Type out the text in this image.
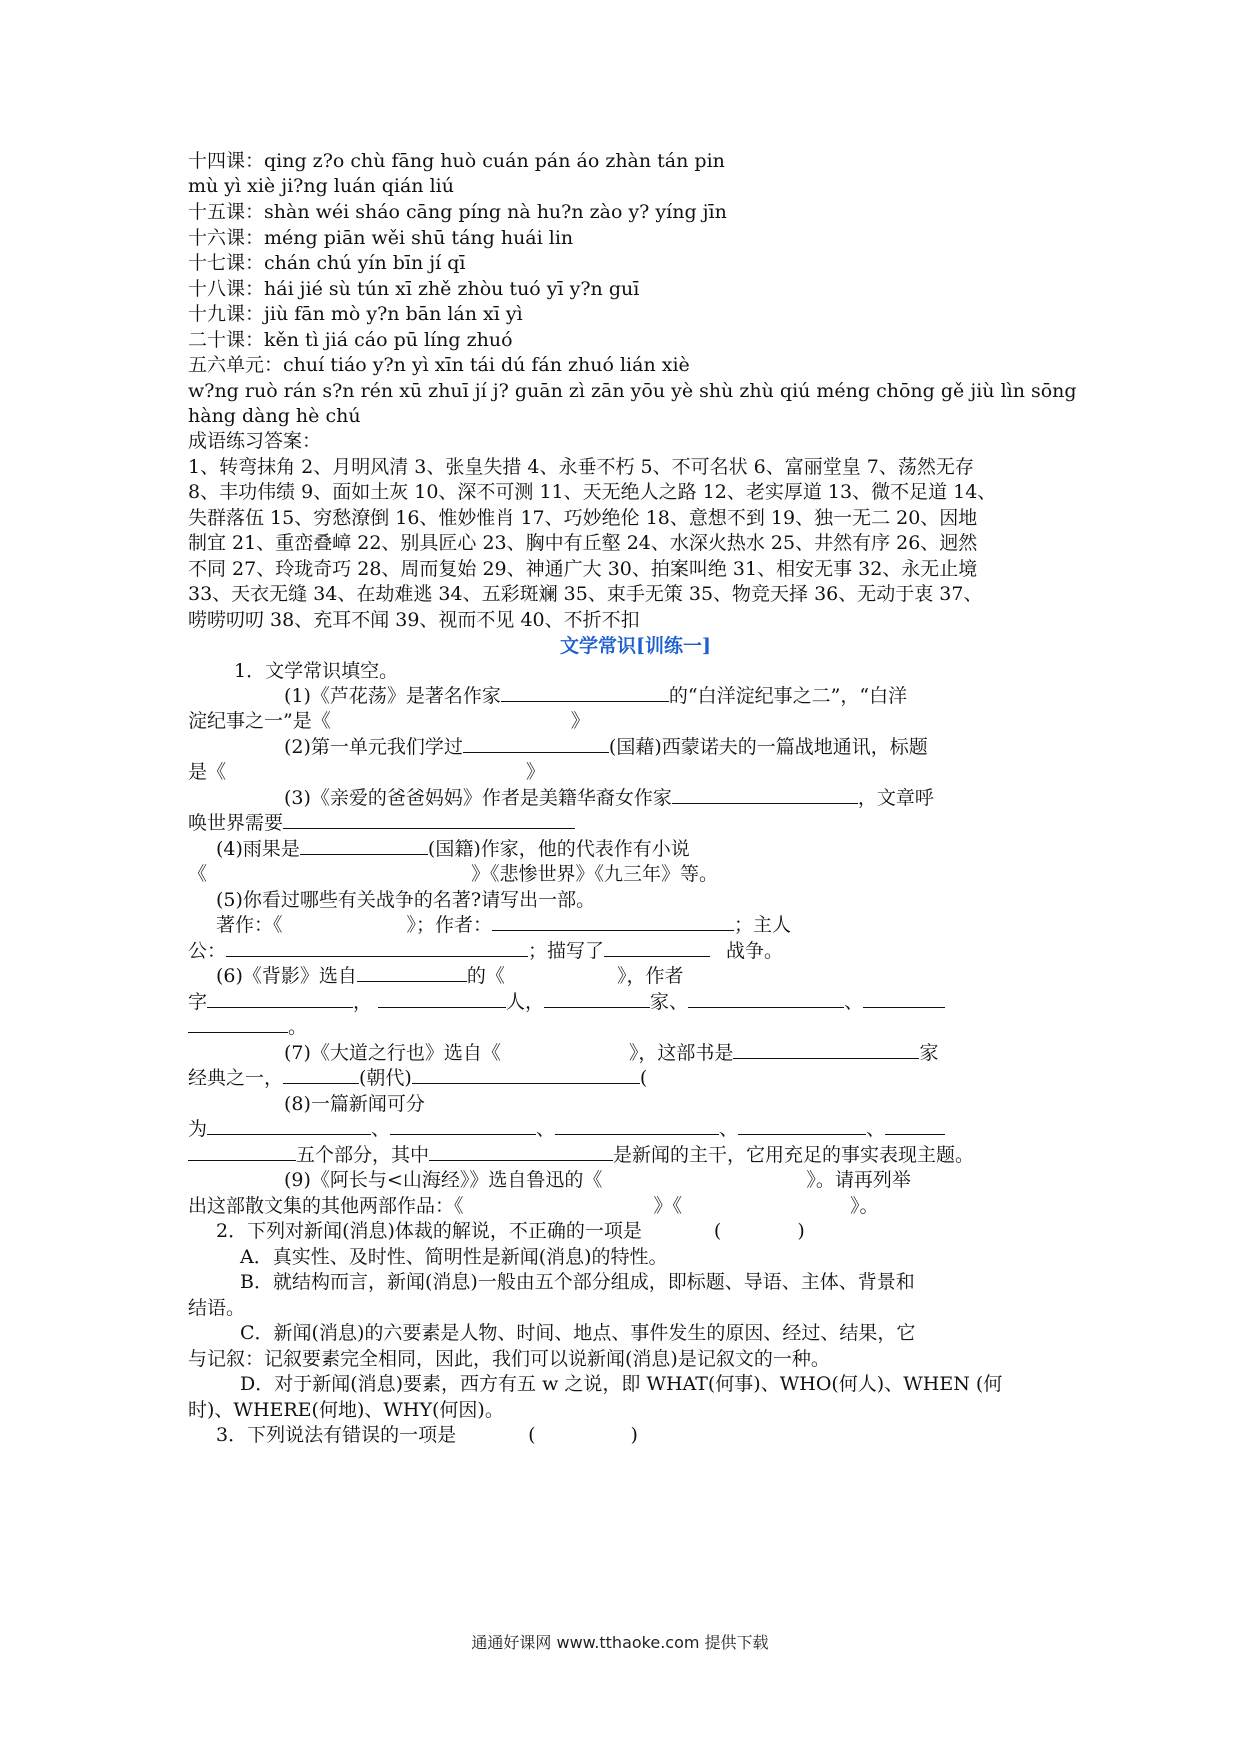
十四课：qing z?o chù fāng huò cuán pán áo zhàn tán pin
mù yì xiè ji?ng luán qián liú
十五课：shàn wéi sháo cāng píng nà hu?n zào y? yíng jīn
十六课：méng piān wěi shū táng huái lin
十七课：chán chú yín bīn jí qī
十八课：hái jié sù tún xī zhě zhòu tuó yī y?n guī
十九课：jiù fān mò y?n bān lán xī yì
二十课：kěn tì jiá cáo pū líng zhuó
五六单元：chuí tiáo y?n yì xīn tái dú fán zhuó lián xiè
w?ng ruò rán s?n rén xū zhuī jí j? guān zì zān yōu yè shù zhù qiú méng chōng gě jiù lìn sōng
hàng dàng hè chú
成语练习答案：
1、转弯抹角 2、月明风清 3、张皇失措 4、永垂不朽 5、不可名状 6、富丽堂皇 7、荡然无存
8、丰功伟绩 9、面如土灰 10、深不可测 11、天无绝人之路 12、老实厚道 13、微不足道 14、
失群落伍 15、穷愁潦倒 16、惟妙惟肖 17、巧妙绝伦 18、意想不到 19、独一无二 20、因地
制宜 21、重峦叠嶂 22、别具匠心 23、胸中有丘壑 24、水深火热水 25、井然有序 26、迥然
不同 27、玲珑奇巧 28、周而复始 29、神通广大 30、拍案叫绝 31、相安无事 32、永无止境
33、天衣无缝 34、在劫难逃 34、五彩斑斓 35、束手无策 35、物竞天择 36、无动于衷 37、
唠唠叨叨 38、充耳不闻 39、视而不见 40、不折不扣
文学常识[训练一]
1．文学常识填空。
(1)《芦花荡》是著名作家	的“白洋淀纪事之二”，“白洋
淀纪事之一”是《	》
(2)第一单元我们学过	(国藉)西蒙诺夫的一篇战地通讯，标题
是《	》
(3)《亲爱的爸爸妈妈》作者是美籍华裔女作家	，文章呼
唤世界需要
(4)雨果是	(国籍)作家，他的代表作有小说
《	》《悲惨世界》《九三年》等。
(5)你看过哪些有关战争的名著?请写出一部。
著作：《	》；作者：	；主人
公：	；描写了	战争。
(6)《背影》选自	的《	》，作者
字	，	人，	家、	、
。
(7)《大道之行也》选自《	》，这部书是	家
经典之一，	(朝代)	(
(8)一篇新闻可分
为	、	、	、	、
五个部分，其中	是新闻的主干，它用充足的事实表现主题。
(9)《阿长与<山海经》》选自鲁迅的《	》。请再列举
出这部散文集的其他两部作品：《	》《	》。
2．下列对新闻(消息)体裁的解说，不正确的一项是	(　　　　)
A．真实性、及时性、简明性是新闻(消息)的特性。
B．就结构而言，新闻(消息)一般由五个部分组成，即标题、导语、主体、背景和
结语。
C．新闻(消息)的六要素是人物、时间、地点、事件发生的原因、经过、结果，它
与记叙：记叙要素完全相同，因此，我们可以说新闻(消息)是记叙文的一种。
D．对于新闻(消息)要素，西方有五 w 之说，即 WHAT(何事)、WHO(何人)、WHEN (何
时)、WHERE(何地)、WHY(何因)。
3．下列说法有错误的一项是	(　　　　　)
通通好课网 www.tthaoke.com 提供下载
